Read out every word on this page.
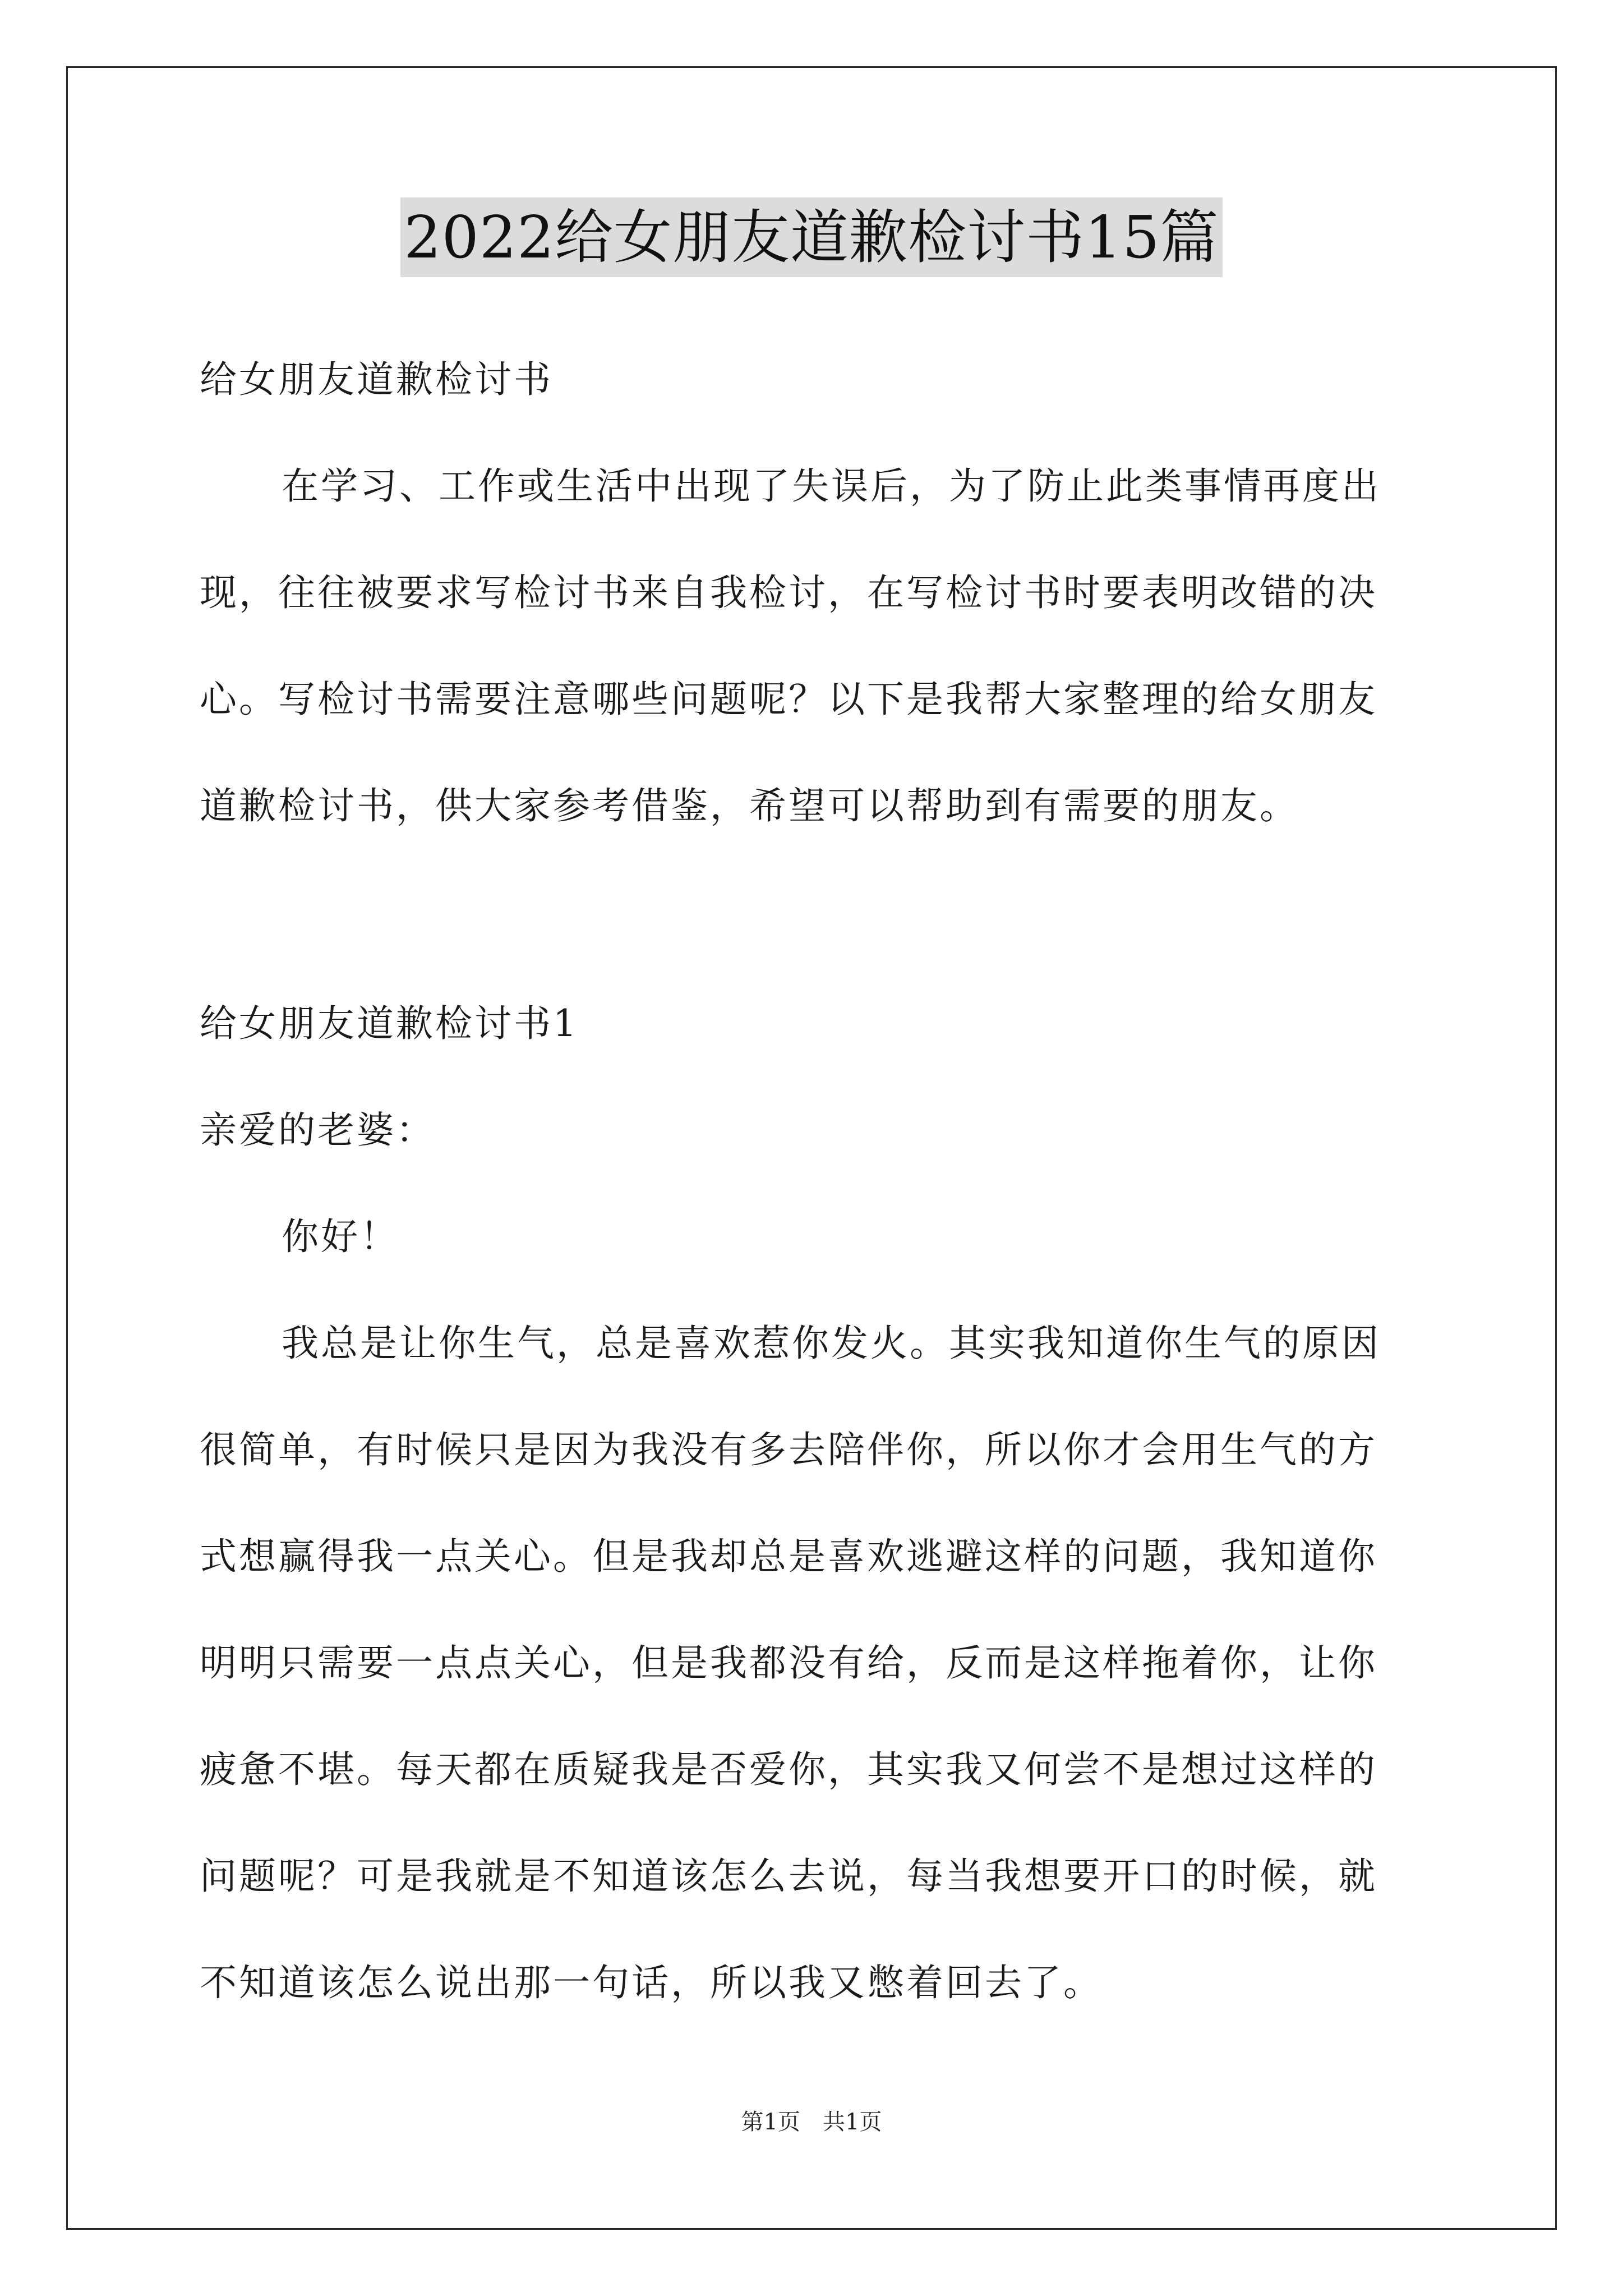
2022给女朋友道歉检讨书15篇
给女朋友道歉检讨书
在学习、工作或生活中出现了失误后，为了防止此类事情再度出
现，往往被要求写检讨书来自我检讨，在写检讨书时要表明改错的决
心。写检讨书需要注意哪些问题呢？以下是我帮大家整理的给女朋友
道歉检讨书，供大家参考借鉴，希望可以帮助到有需要的朋友。
给女朋友道歉检讨书1
亲爱的老婆：
你好！
我总是让你生气，总是喜欢惹你发火。其实我知道你生气的原因
很简单，有时候只是因为我没有多去陪伴你，所以你才会用生气的方
式想赢得我一点关心。但是我却总是喜欢逃避这样的问题，我知道你
明明只需要一点点关心，但是我都没有给，反而是这样拖着你，让你
疲惫不堪。每天都在质疑我是否爱你，其实我又何尝不是想过这样的
问题呢？可是我就是不知道该怎么去说，每当我想要开口的时候，就
不知道该怎么说出那一句话，所以我又憋着回去了。
第1页 共1页
